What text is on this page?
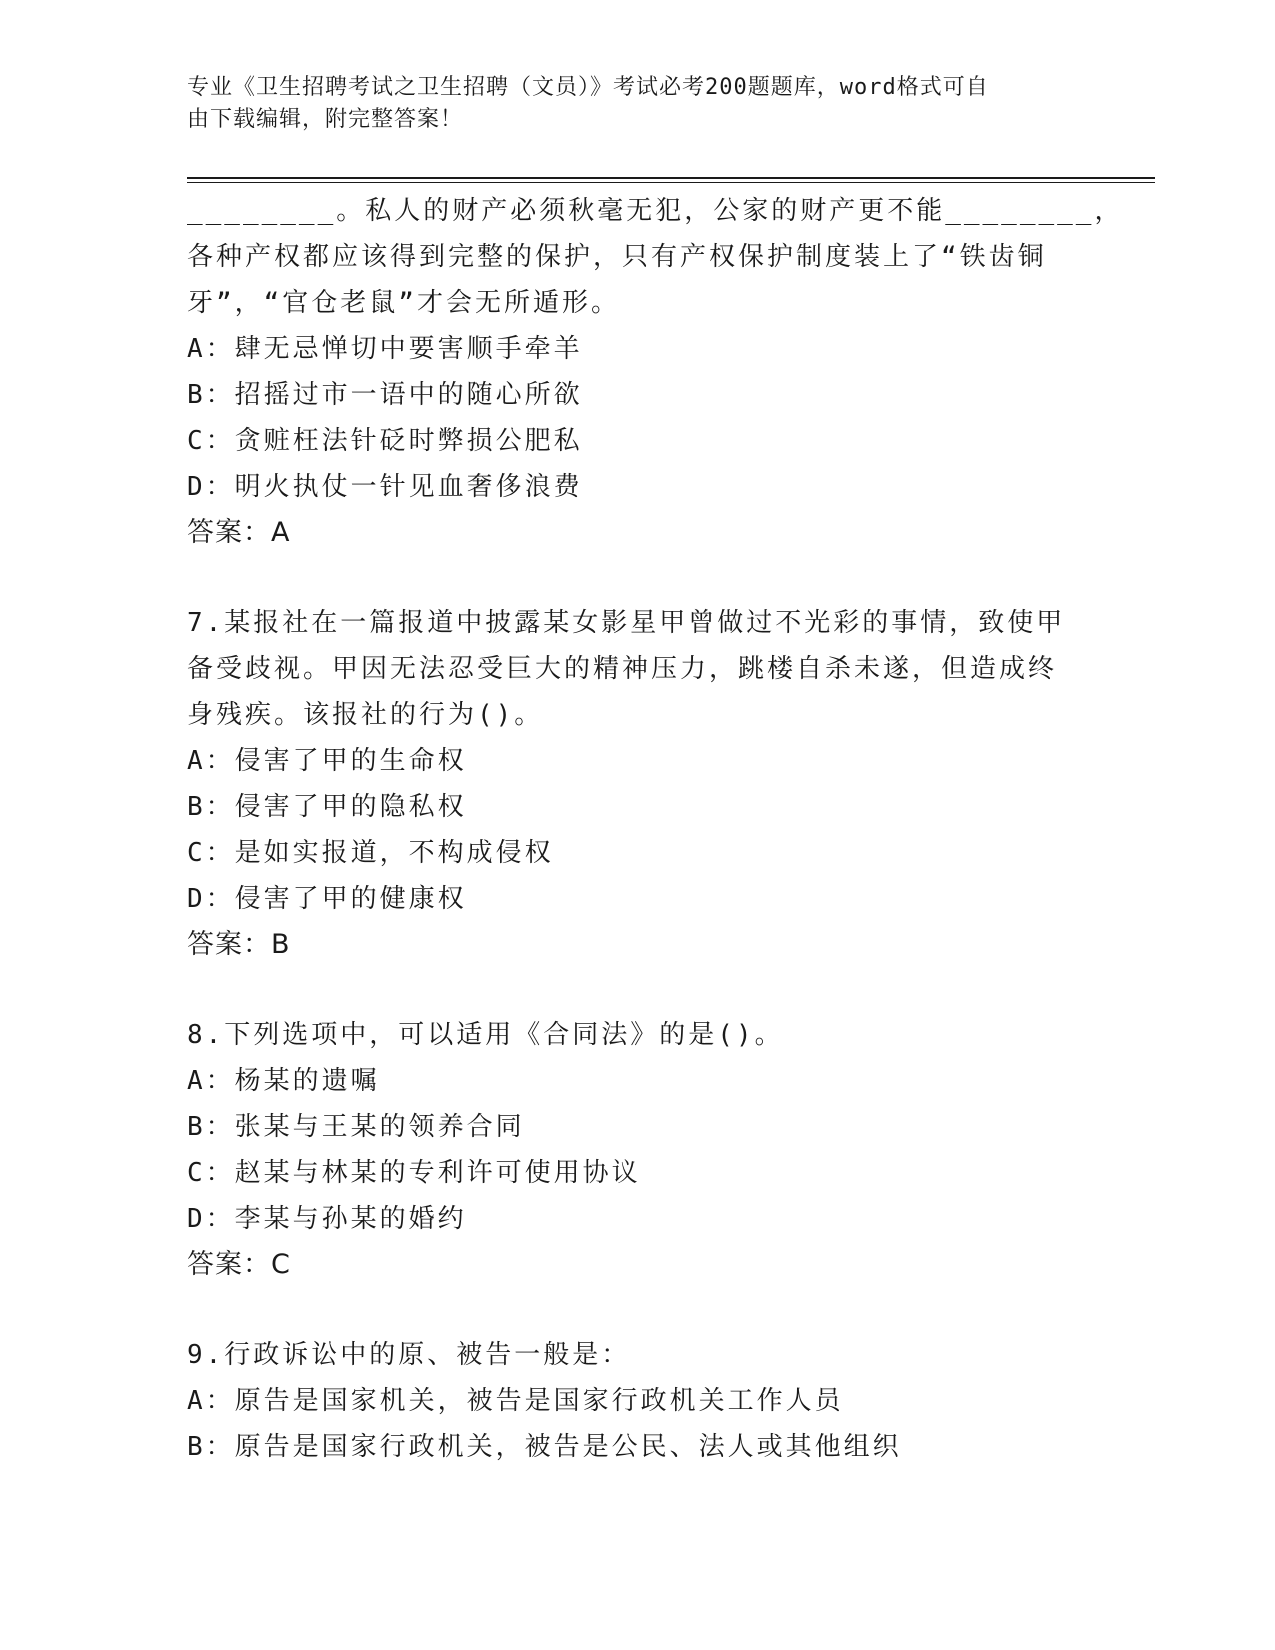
专业《卫生招聘考试之卫生招聘（文员）》考试必考200题题库，word格式可自
由下载编辑，附完整答案！
________。私人的财产必须秋毫无犯，公家的财产更不能________，
各种产权都应该得到完整的保护，只有产权保护制度装上了“铁齿铜
牙”，“官仓老鼠”才会无所遁形。
A：肆无忌惮切中要害顺手牵羊
B：招摇过市一语中的随心所欲
C：贪赃枉法针砭时弊损公肥私
D：明火执仗一针见血奢侈浪费
答案：A
7.某报社在一篇报道中披露某女影星甲曾做过不光彩的事情，致使甲
备受歧视。甲因无法忍受巨大的精神压力，跳楼自杀未遂，但造成终
身残疾。该报社的行为()。
A：侵害了甲的生命权
B：侵害了甲的隐私权
C：是如实报道，不构成侵权
D：侵害了甲的健康权
答案：B
8.下列选项中，可以适用《合同法》的是()。
A：杨某的遗嘱
B：张某与王某的领养合同
C：赵某与林某的专利许可使用协议
D：李某与孙某的婚约
答案：C
9.行政诉讼中的原、被告一般是：
A：原告是国家机关，被告是国家行政机关工作人员
B：原告是国家行政机关，被告是公民、法人或其他组织
